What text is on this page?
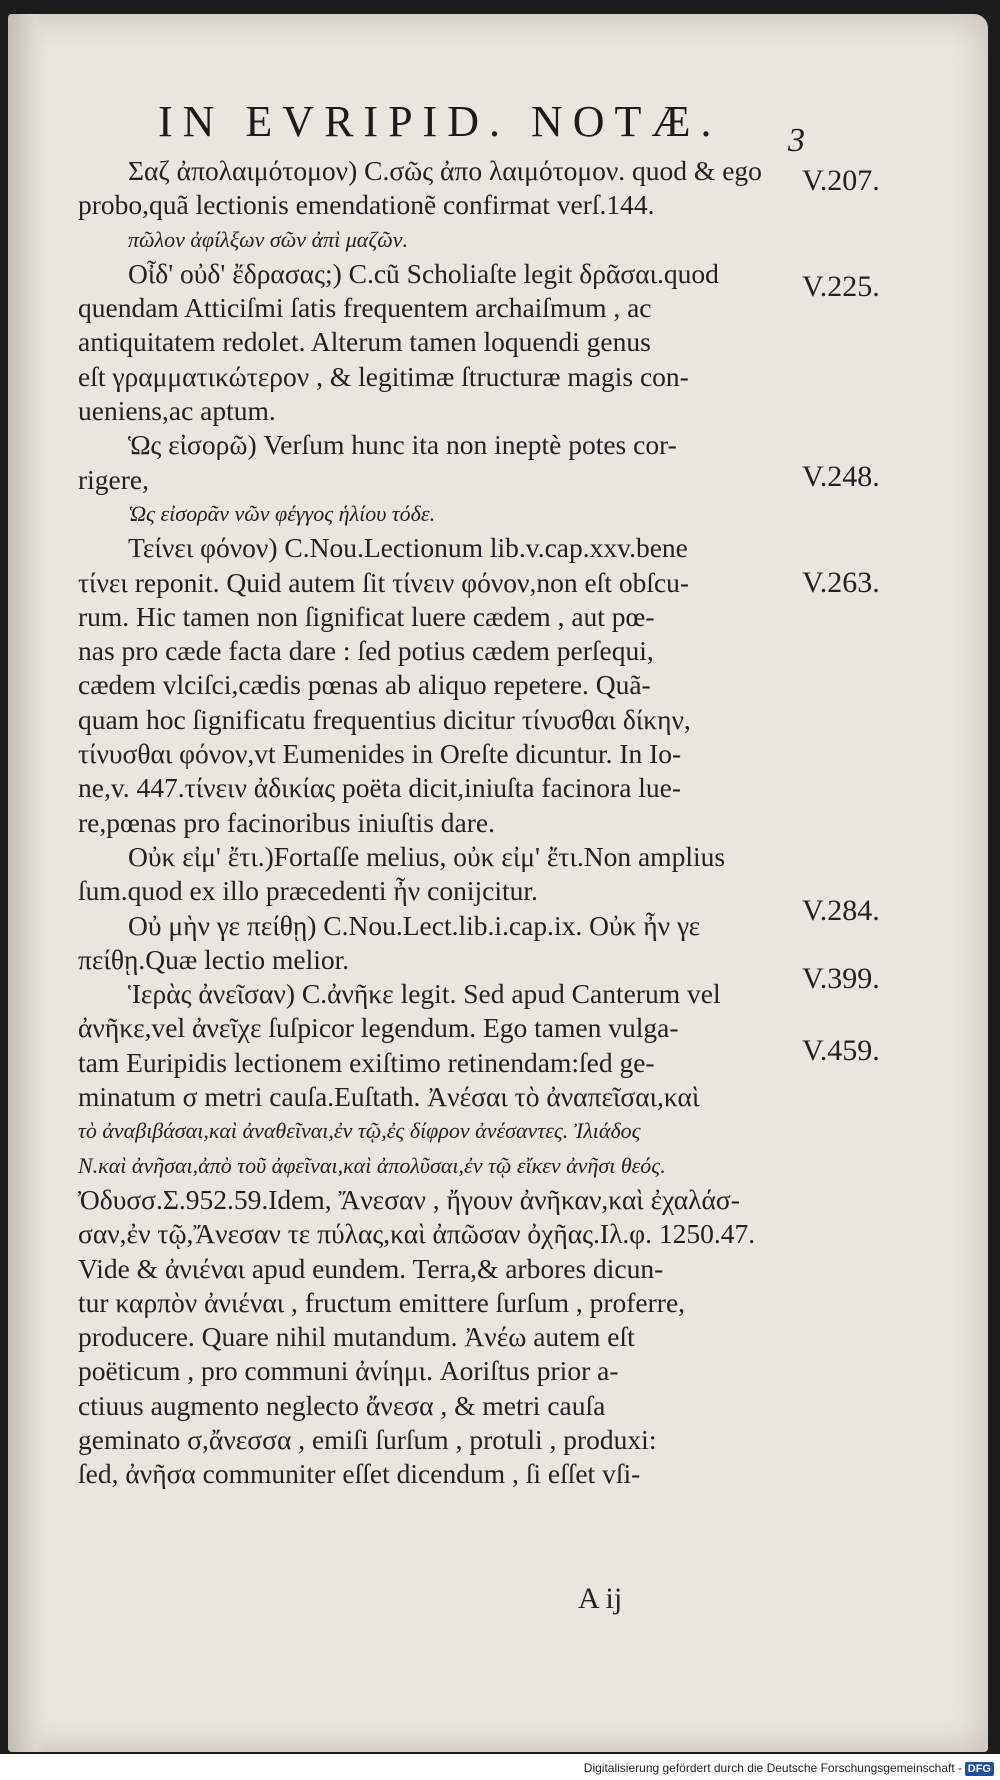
IN EVRIPID. NOTÆ. 3
Σαζ ἀπολαιμότομον) C.σῶς ἀπο λαιμότομον. quod & ego
probo,quã lectionis emendationẽ confirmat verſ.144.
πῶλον ἀφίλξων σῶν ἀπὶ μαζῶν.
Οἶδ' οὐδ' ἔδρασας;) C.cũ Scholiaſte legit δρᾶσαι.quod
quendam Atticiſmi ſatis frequentem archaiſmum , ac
antiquitatem redolet. Alterum tamen loquendi genus
eſt γραμματικώτερον , & legitimæ ſtructuræ magis con-
ueniens,ac aptum.
Ὡς εἰσορῶ) Verſum hunc ita non ineptè potes cor-
rigere,
Ὡς εἰσορᾶν νῶν φέγγος ἡλίου τόδε.
Τείνει φόνον) C.Nou.Lectionum lib.v.cap.xxv.bene
τίνει reponit. Quid autem ſit τίνειν φόνον,non eſt obſcu-
rum. Hic tamen non ſignificat luere cædem , aut pœ-
nas pro cæde facta dare : ſed potius cædem perſequi,
cædem vlciſci,cædis pœnas ab aliquo repetere. Quã-
quam hoc ſignificatu frequentius dicitur τίνυσθαι δίκην,
τίνυσθαι φόνον,vt Eumenides in Oreſte dicuntur. In Io-
ne,v. 447.τίνειν ἀδικίας poëta dicit,iniuſta facinora lue-
re,pœnas pro facinoribus iniuſtis dare.
Οὐκ εἰμ' ἔτι.)Fortaſſe melius, οὐκ εἰμ' ἔτι.Non amplius
ſum.quod ex illo præcedenti ἦν conijcitur.
Οὐ μὴν γε πείθῃ) C.Nou.Lect.lib.i.cap.ix. Οὐκ ἦν γε
πείθῃ.Quæ lectio melior.
Ἱερὰς ἀνεῖσαν) C.ἀνῆκε legit. Sed apud Canterum vel
ἀνῆκε,vel ἀνεῖχε ſuſpicor legendum. Ego tamen vulga-
tam Euripidis lectionem exiſtimo retinendam:ſed ge-
minatum σ metri cauſa.Euſtath. Ἀνέσαι τὸ ἀναπεῖσαι,καὶ
τὸ ἀναβιβάσαι,καὶ ἀναθεῖναι,ἐν τῷ,ἐς δίφρον ἀνέσαντες. Ἰλιάδος
Ν.καὶ ἀνῆσαι,ἀπὸ τοῦ ἀφεῖναι,καὶ ἀπολῦσαι,ἐν τῷ εἴκεν ἀνῆσι θεός.
Ὀδυσσ.Σ.952.59.Idem, Ἄνεσαν , ἤγουν ἀνῆκαν,καὶ ἐχαλάσ-
σαν,ἐν τῷ,Ἄνεσαν τε πύλας,καὶ ἀπῶσαν ὀχῆας.Ιλ.φ. 1250.47.
Vide & ἀνιέναι apud eundem. Terra,& arbores dicun-
tur καρπὸν ἀνιέναι , fructum emittere ſurſum , proferre,
producere. Quare nihil mutandum. Ἀνέω autem eſt
poëticum , pro communi ἀνίημι. Aoriſtus prior a-
ctiuus augmento neglecto ἄνεσα , & metri cauſa
geminato σ,ἄνεσσα , emiſi ſurſum , protuli , produxi:
ſed, ἀνῆσα communiter eſſet dicendum , ſi eſſet vſi-
V.207.
V.225.
V.248.
V.263.
V.284.
V.399.
V.459.
A ij
Digitalisierung gefördert durch die Deutsche Forschungsgemeinschaft - DFG
